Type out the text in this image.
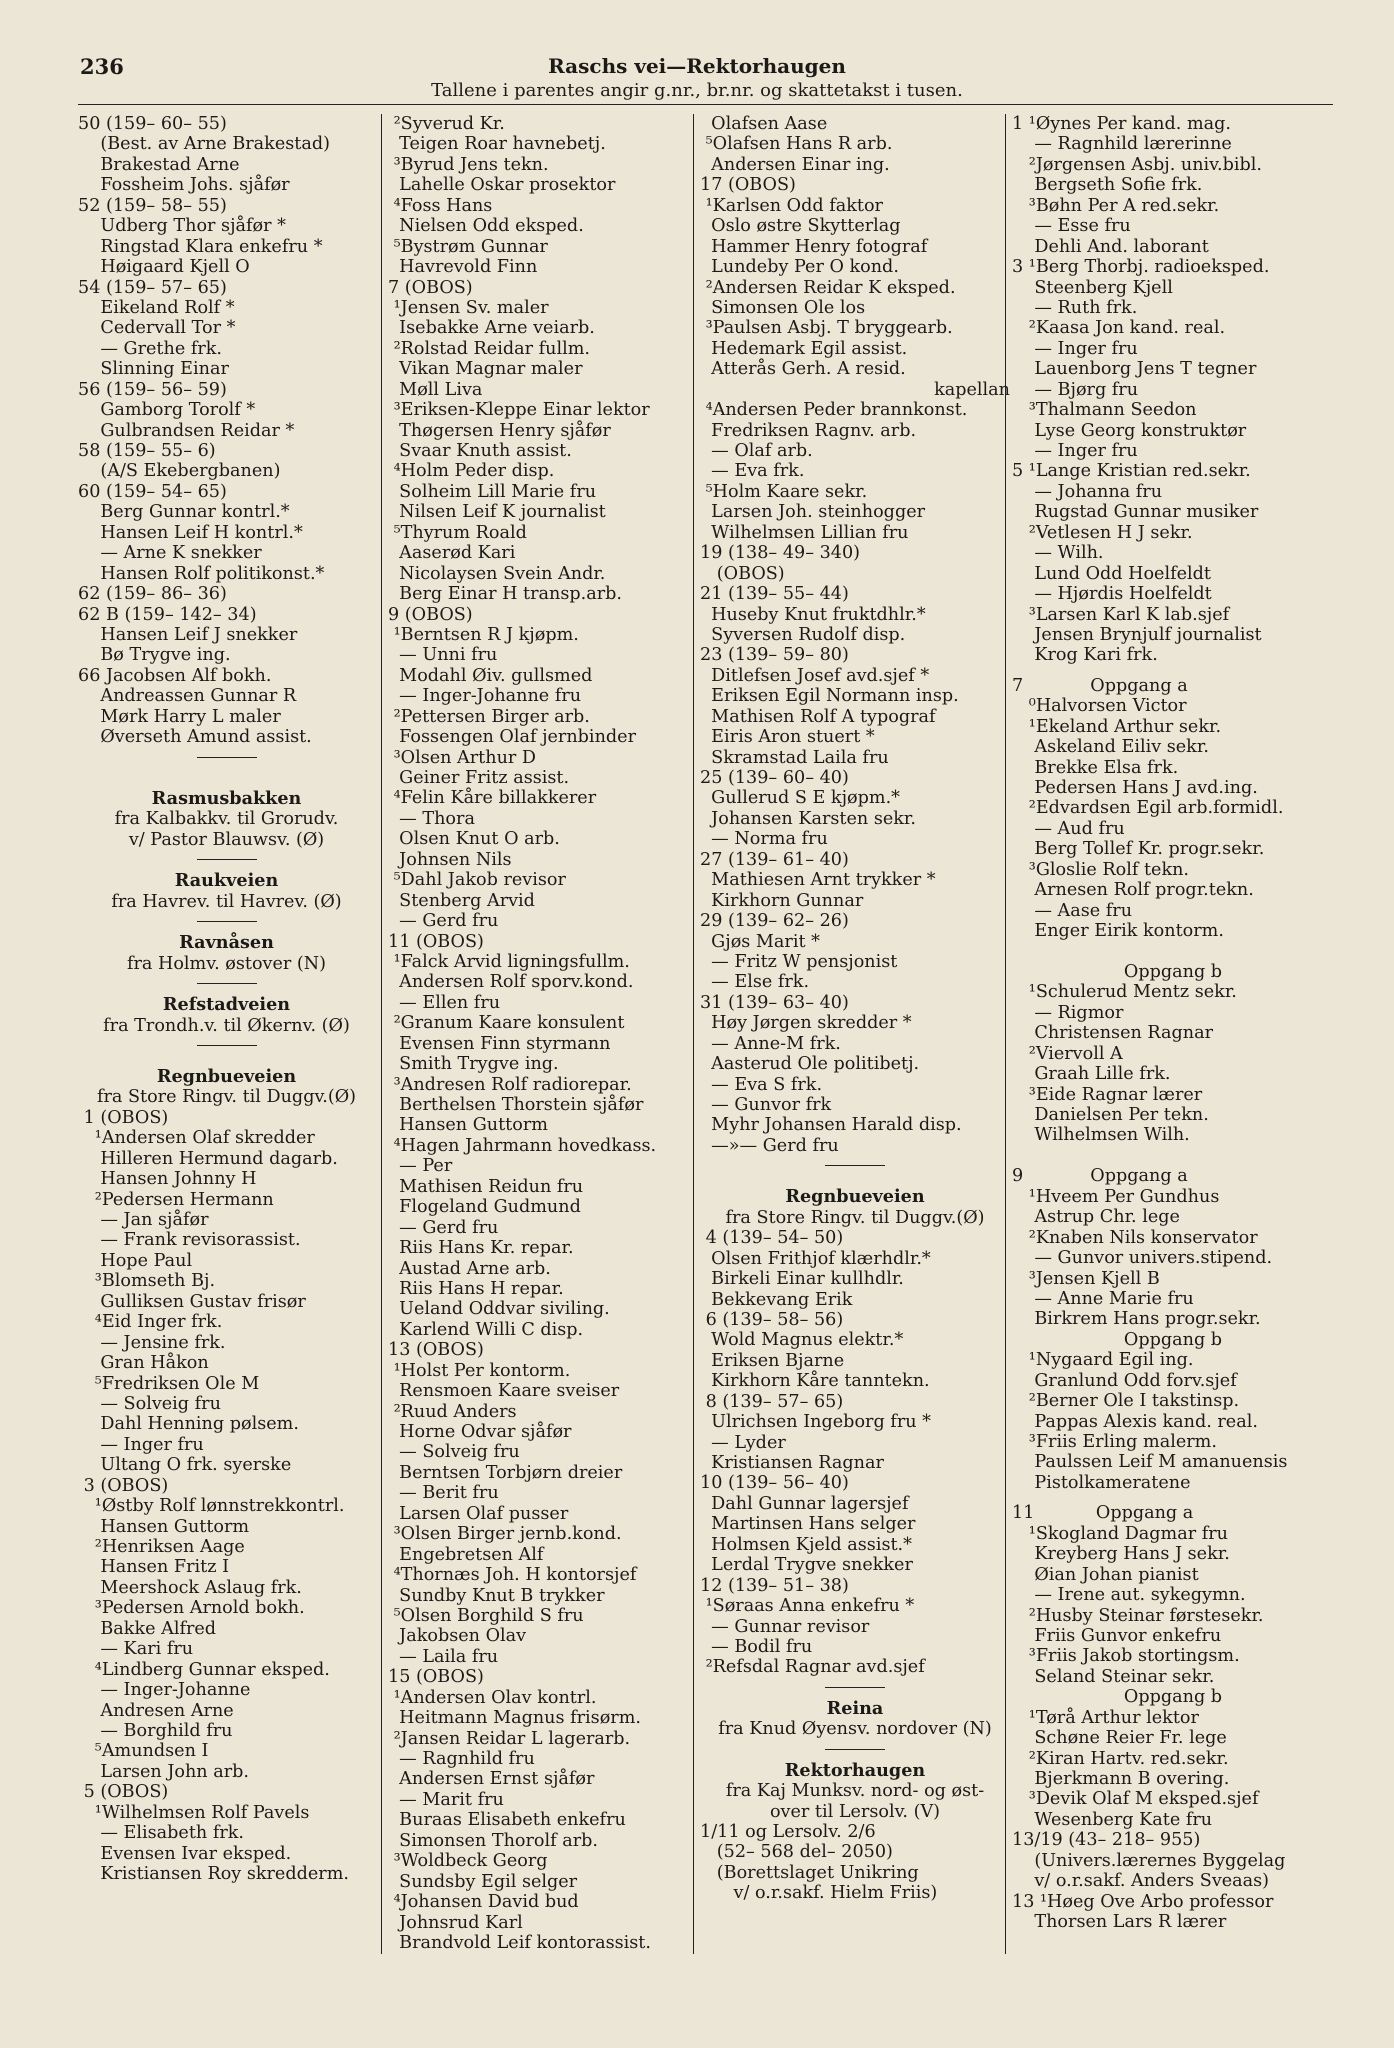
236	Raschs vei—Rektorhaugen
Tallene i parentes angir g.nr., br.nr. og skattetakst i tusen.
50 (159– 60– 55)
(Best. av Arne Brakestad)
Brakestad Arne
Fossheim Johs. sjåfør
52 (159– 58– 55)
Udberg Thor sjåfør *
Ringstad Klara enkefru *
Høigaard Kjell O
54 (159– 57– 65)
Eikeland Rolf *
Cedervall Tor *
— Grethe frk.
Slinning Einar
56 (159– 56– 59)
Gamborg Torolf *
Gulbrandsen Reidar *
58 (159– 55– 6)
(A/S Ekebergbanen)
60 (159– 54– 65)
Berg Gunnar kontrl.*
Hansen Leif H kontrl.*
— Arne K snekker
Hansen Rolf politikonst.*
62 (159– 86– 36)
62 B (159– 142– 34)
Hansen Leif J snekker
Bø Trygve ing.
66 Jacobsen Alf bokh.
Andreassen Gunnar R
Mørk Harry L maler
Øverseth Amund assist.
Rasmusbakken
fra Kalbakkv. til Grorudv.
v/ Pastor Blauwsv. (Ø)
Raukveien
fra Havrev. til Havrev. (Ø)
Ravnåsen
fra Holmv. østover (N)
Refstadveien
fra Trondh.v. til Økernv. (Ø)
Regnbueveien
fra Store Ringv. til Duggv.(Ø)
1 (OBOS)
¹Andersen Olaf skredder
Hilleren Hermund dagarb.
Hansen Johnny H
²Pedersen Hermann
— Jan sjåfør
— Frank revisorassist.
Hope Paul
³Blomseth Bj.
Gulliksen Gustav frisør
⁴Eid Inger frk.
— Jensine frk.
Gran Håkon
⁵Fredriksen Ole M
— Solveig fru
Dahl Henning pølsem.
— Inger fru
Ultang O frk. syerske
3 (OBOS)
¹Østby Rolf lønnstrekkontrl.
Hansen Guttorm
²Henriksen Aage
Hansen Fritz I
Meershock Aslaug frk.
³Pedersen Arnold bokh.
Bakke Alfred
— Kari fru
⁴Lindberg Gunnar eksped.
— Inger-Johanne
Andresen Arne
— Borghild fru
⁵Amundsen I
Larsen John arb.
5 (OBOS)
¹Wilhelmsen Rolf Pavels
— Elisabeth frk.
Evensen Ivar eksped.
Kristiansen Roy skredderm.
²Syverud Kr.
Teigen Roar havnebetj.
³Byrud Jens tekn.
Lahelle Oskar prosektor
⁴Foss Hans
Nielsen Odd ekspеd.
⁵Bystrøm Gunnar
Havrevold Finn
7 (OBOS)
¹Jensen Sv. maler
Isebakke Arne veiarb.
²Rolstad Reidar fullm.
Vikan Magnar maler
Møll Liva
³Eriksen-Kleppe Einar lektor
Thøgersen Henry sjåfør
Svaar Knuth assist.
⁴Holm Peder disp.
Solheim Lill Marie fru
Nilsen Leif K journalist
⁵Thyrum Roald
Aaserød Kari
Nicolaysen Svein Andr.
Berg Einar H transp.arb.
9 (OBOS)
¹Berntsen R J kjøpm.
— Unni fru
Modahl Øiv. gullsmed
— Inger-Johanne fru
²Pettersen Birger arb.
Fossengen Olaf jernbinder
³Olsen Arthur D
Geiner Fritz assist.
⁴Felin Kåre billakkerer
— Thora
Olsen Knut O arb.
Johnsen Nils
⁵Dahl Jakob revisor
Stenberg Arvid
— Gerd fru
11 (OBOS)
¹Falck Arvid ligningsfullm.
Andersen Rolf sporv.kond.
— Ellen fru
²Granum Kaare konsulent
Evensen Finn styrmann
Smith Trygve ing.
³Andresen Rolf radiorepar.
Berthelsen Thorstein sjåfør
Hansen Guttorm
⁴Hagen Jahrmann hovedkass.
— Per
Mathisen Reidun fru
Flogeland Gudmund
— Gerd fru
Riis Hans Kr. repar.
Austad Arne arb.
Riis Hans H repar.
Ueland Oddvar siviling.
Karlend Willi C disp.
13 (OBOS)
¹Holst Per kontorm.
Rensmoen Kaare sveiser
²Ruud Anders
Horne Odvar sjåfør
— Solveig fru
Berntsen Torbjørn dreier
— Berit fru
Larsen Olaf pusser
³Olsen Birger jernb.kond.
Engebretsen Alf
⁴Thornæs Joh. H kontorsjef
Sundby Knut B trykker
⁵Olsen Borghild S fru
Jakobsen Olav
— Laila fru
15 (OBOS)
¹Andersen Olav kontrl.
Heitmann Magnus frisørm.
²Jansen Reidar L lagerarb.
— Ragnhild fru
Andersen Ernst sjåfør
— Marit fru
Buraas Elisabeth enkefru
Simonsen Thorolf arb.
³Woldbeck Georg
Sundsby Egil selger
⁴Johansen David bud
Johnsrud Karl
Brandvold Leif kontorassist.
Olafsen Aase
⁵Olafsen Hans R arb.
Andersen Einar ing.
17 (OBOS)
¹Karlsen Odd faktor
Oslo østre Skytterlag
Hammer Henry fotograf
Lundeby Per O kond.
²Andersen Reidar K eksped.
Simonsen Ole los
³Paulsen Asbj. T bryggearb.
Hedemark Egil assist.
Atterås Gerh. A resid.
kapellan
⁴Andersen Peder brannkonst.
Fredriksen Ragnv. arb.
— Olaf arb.
— Eva frk.
⁵Holm Kaare sekr.
Larsen Joh. steinhogger
Wilhelmsen Lillian fru
19 (138– 49– 340)
(OBOS)
21 (139– 55– 44)
Huseby Knut fruktdhlr.*
Syversen Rudolf disp.
23 (139– 59– 80)
Ditlefsen Josef avd.sjef *
Eriksen Egil Normann insp.
Mathisen Rolf A typograf
Eiris Aron stuert *
Skramstad Laila fru
25 (139– 60– 40)
Gullerud S E kjøpm.*
Johansen Karsten sekr.
— Norma fru
27 (139– 61– 40)
Mathiesen Arnt trykker *
Kirkhorn Gunnar
29 (139– 62– 26)
Gjøs Marit *
— Fritz W pensjonist
— Else frk.
31 (139– 63– 40)
Høy Jørgen skredder *
— Anne-M frk.
Aasterud Ole politibetj.
— Eva S frk.
— Gunvor frk
Myhr Johansen Harald disp.
—»— Gerd fru
Regnbueveien
fra Store Ringv. til Duggv.(Ø)
4 (139– 54– 50)
Olsen Frithjof klærhdlr.*
Birkeli Einar kullhdlr.
Bekkevang Erik
6 (139– 58– 56)
Wold Magnus elektr.*
Eriksen Bjarne
Kirkhorn Kåre tanntekn.
8 (139– 57– 65)
Ulrichsen Ingeborg fru *
— Lyder
Kristiansen Ragnar
10 (139– 56– 40)
Dahl Gunnar lagersjef
Martinsen Hans selger
Holmsen Kjeld assist.*
Lerdal Trygve snekker
12 (139– 51– 38)
¹Søraas Anna enkefru *
— Gunnar revisor
— Bodil fru
²Refsdal Ragnar avd.sjef
Reina
fra Knud Øyensv. nordover (N)
Rektorhaugen
fra Kaj Munksv. nord- og øst-
over til Lersolv. (V)
1/11 og Lersolv. 2/6
(52– 568 del– 2050)
(Borettslaget Unikring
v/ o.r.sakf. Hielm Friis)
1 ¹Øynes Per kand. mag.
— Ragnhild lærerinne
²Jørgensen Asbj. univ.bibl.
Bergseth Sofie frk.
³Bøhn Per A red.sekr.
— Esse fru
Dehli And. laborant
3 ¹Berg Thorbj. radioeksped.
Steenberg Kjell
— Ruth frk.
²Kaasa Jon kand. real.
— Inger fru
Lauenborg Jens T tegner
— Bjørg fru
³Thalmann Seedon
Lyse Georg konstruktør
— Inger fru
5 ¹Lange Kristian red.sekr.
— Johanna fru
Rugstad Gunnar musiker
²Vetlesen H J sekr.
— Wilh.
Lund Odd Hoelfeldt
— Hjørdis Hoelfeldt
³Larsen Karl K lab.sjef
Jensen Brynjulf journalist
Krog Kari frk.
7            Oppgang a
⁰Halvorsen Victor
¹Ekeland Arthur sekr.
Askeland Eiliv sekr.
Brekke Elsa frk.
Pedersen Hans J avd.ing.
²Edvardsen Egil arb.formidl.
— Aud fru
Berg Tollef Kr. progr.sekr.
³Gloslie Rolf tekn.
Arnesen Rolf progr.tekn.
— Aase fru
Enger Eirik kontorm.
Oppgang b
¹Schulerud Mentz sekr.
— Rigmor
Christensen Ragnar
²Viervoll A
Graah Lille frk.
³Eide Ragnar lærer
Danielsen Per tekn.
Wilhelmsen Wilh.
9            Oppgang a
¹Hveem Per Gundhus
Astrup Chr. lege
²Knaben Nils konservator
— Gunvor univers.stipend.
³Jensen Kjell B
— Anne Marie fru
Birkrem Hans progr.sekr.
Oppgang b
¹Nygaard Egil ing.
Granlund Odd forv.sjef
²Berner Ole I takstinsp.
Pappas Alexis kand. real.
³Friis Erling malerm.
Paulssen Leif M amanuensis
Pistolkameratene
11           Oppgang a
¹Skogland Dagmar fru
Kreyberg Hans J sekr.
Øian Johan pianist
— Irene aut. sykegymn.
²Husby Steinar førstesekr.
Friis Gunvor enkefru
³Friis Jakob stortingsm.
Seland Steinar sekr.
Oppgang b
¹Tørå Arthur lektor
Schøne Reier Fr. lege
²Kiran Hartv. red.sekr.
Bjerkmann B overing.
³Devik Olaf M eksped.sjef
Wesenberg Kate fru
13/19 (43– 218– 955)
(Univers.lærernes Byggelag
v/ o.r.sakf. Anders Sveaas)
13 ¹Høeg Ove Arbo professor
Thorsen Lars R lærer
